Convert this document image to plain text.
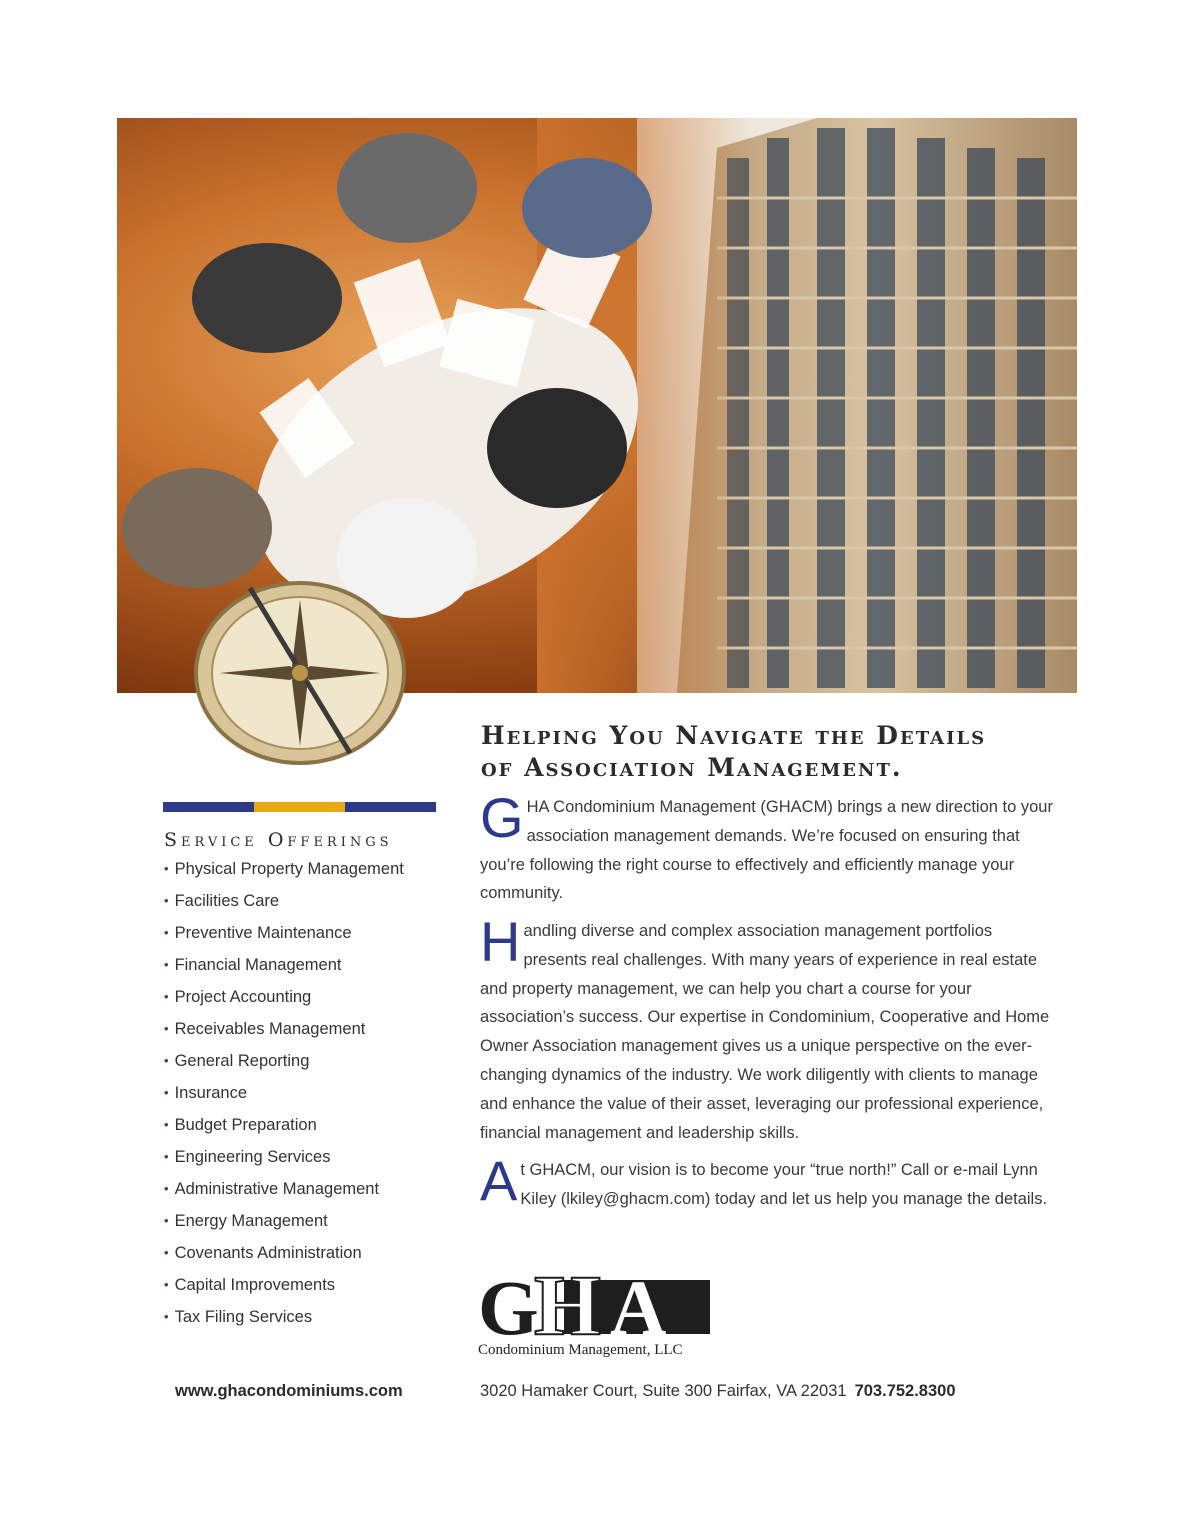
Helping You Navigate the Details
of Association Management.
Service Offerings
• Physical Property Management
• Facilities Care
• Preventive Maintenance
• Financial Management
• Project Accounting
• Receivables Management
• General Reporting
• Insurance
• Budget Preparation
• Engineering Services
• Administrative Management
• Energy Management
• Covenants Administration
• Capital Improvements
• Tax Filing Services
GHA Condominium Management (GHACM) brings a new direction to your association management demands. We’re focused on ensuring that you’re following the right course to effectively and efficiently manage your community.
Handling diverse and complex association management portfolios presents real challenges. With many years of experience in real estate and property management, we can help you chart a course for your association’s success. Our expertise in Condominium, Cooperative and Home Owner Association management gives us a unique perspective on the ever-changing dynamics of the industry. We work diligently with clients to manage and enhance the value of their asset, leveraging our professional experience, financial management and leadership skills.
At GHACM, our vision is to become your “true north!” Call or e-mail Lynn Kiley (lkiley@ghacm.com) today and let us help you manage the details.
G
H A
Condominium Management, LLC
www.ghacondominiums.com	3020 Hamaker Court, Suite 300 Fairfax, VA 22031 703.752.8300
